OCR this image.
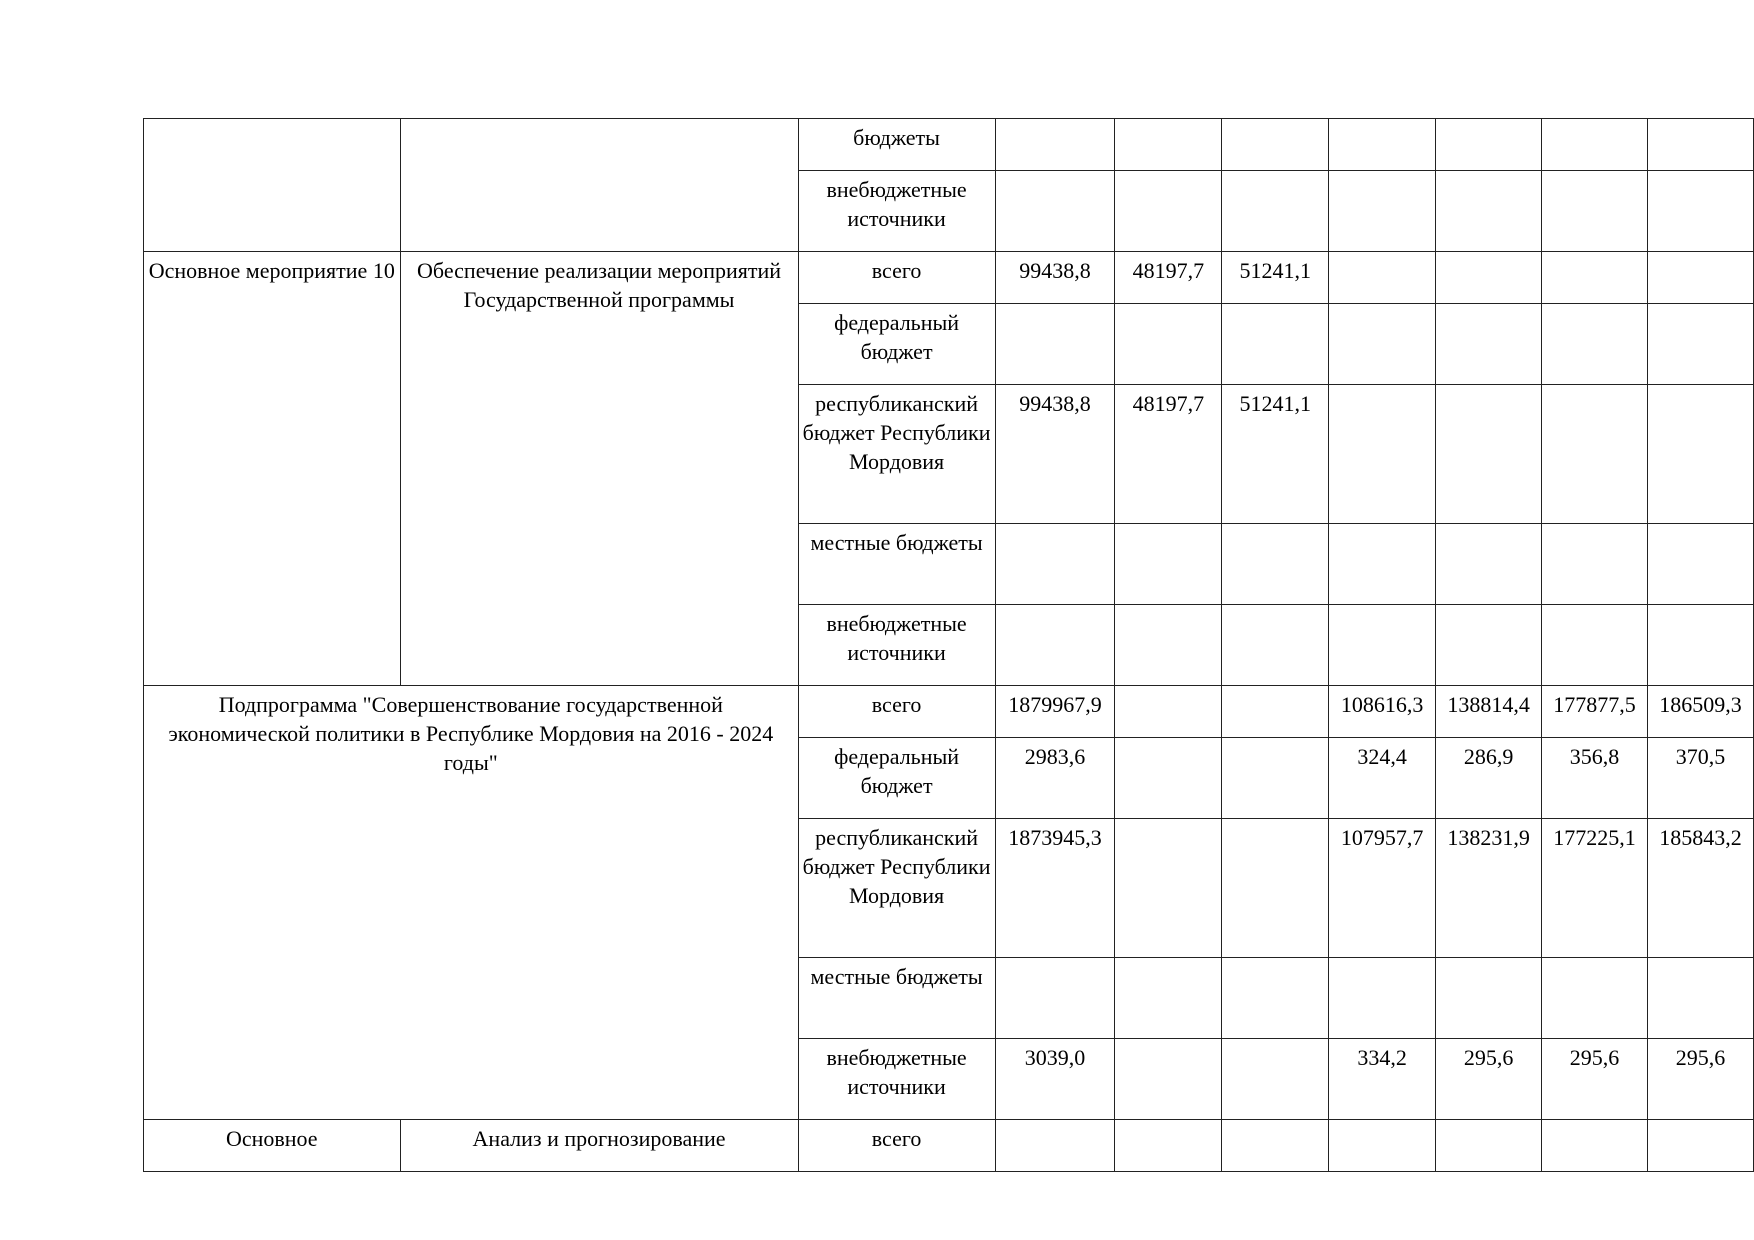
		бюджеты							
		внебюджетные источники							
Основное мероприятие 10	Обеспечение реализации мероприятий Государственной программы	всего	99438,8	48197,7	51241,1				
		федеральный бюджет							
		республиканский бюджет Республики Мордовия	99438,8	48197,7	51241,1				
		местные бюджеты							
		внебюджетные источники							
Подпрограмма "Совершенствование государственной экономической политики в Республике Мордовия на 2016 - 2024 годы"		всего	1879967,9			108616,3	138814,4	177877,5	186509,3
		федеральный бюджет	2983,6			324,4	286,9	356,8	370,5
		республиканский бюджет Республики Мордовия	1873945,3			107957,7	138231,9	177225,1	185843,2
		местные бюджеты							
		внебюджетные источники	3039,0			334,2	295,6	295,6	295,6
Основное	Анализ и прогнозирование	всего							
